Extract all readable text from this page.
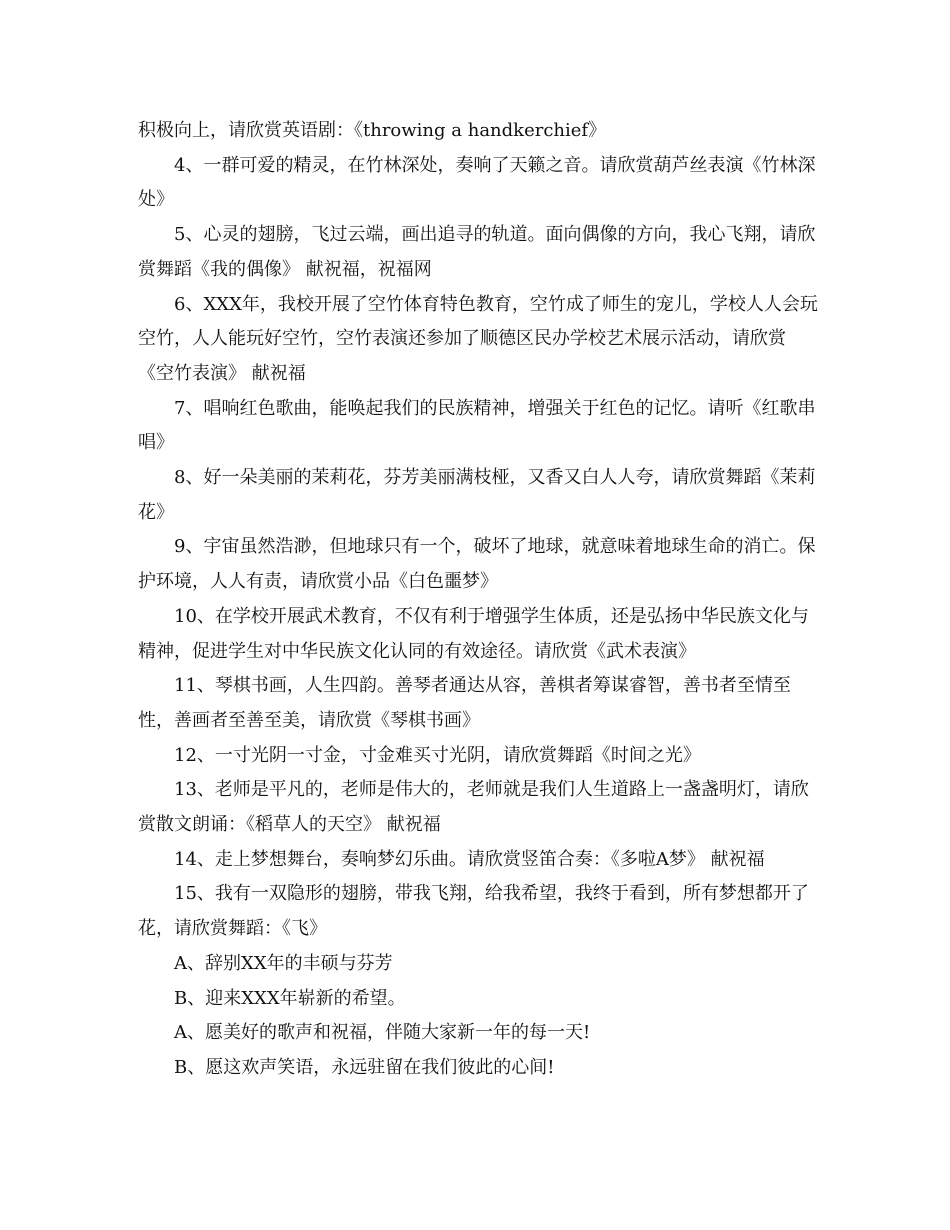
积极向上，请欣赏英语剧：《throwing a handkerchief》

4、一群可爱的精灵，在竹林深处，奏响了天籁之音。请欣赏葫芦丝表演《竹林深处》

5、心灵的翅膀，飞过云端，画出追寻的轨道。面向偶像的方向，我心飞翔，请欣赏舞蹈《我的偶像》 献祝福，祝福网

6、XXX年，我校开展了空竹体育特色教育，空竹成了师生的宠儿，学校人人会玩空竹，人人能玩好空竹，空竹表演还参加了顺德区民办学校艺术展示活动，请欣赏《空竹表演》 献祝福

7、唱响红色歌曲，能唤起我们的民族精神，增强关于红色的记忆。请听《红歌串唱》

8、好一朵美丽的茉莉花，芬芳美丽满枝桠，又香又白人人夸，请欣赏舞蹈《茉莉花》

9、宇宙虽然浩渺，但地球只有一个，破坏了地球，就意味着地球生命的消亡。保护环境，人人有责，请欣赏小品《白色噩梦》

10、在学校开展武术教育，不仅有利于增强学生体质，还是弘扬中华民族文化与精神，促进学生对中华民族文化认同的有效途径。请欣赏《武术表演》

11、琴棋书画，人生四韵。善琴者通达从容，善棋者筹谋睿智，善书者至情至性，善画者至善至美，请欣赏《琴棋书画》

12、一寸光阴一寸金，寸金难买寸光阴，请欣赏舞蹈《时间之光》

13、老师是平凡的，老师是伟大的，老师就是我们人生道路上一盏盏明灯，请欣赏散文朗诵：《稻草人的天空》 献祝福

14、走上梦想舞台，奏响梦幻乐曲。请欣赏竖笛合奏：《多啦A梦》 献祝福

15、我有一双隐形的翅膀，带我飞翔，给我希望，我终于看到，所有梦想都开了花，请欣赏舞蹈：《飞》

A、辞别XX年的丰硕与芬芳

B、迎来XXX年崭新的希望。

A、愿美好的歌声和祝福，伴随大家新一年的每一天!

B、愿这欢声笑语，永远驻留在我们彼此的心间!
